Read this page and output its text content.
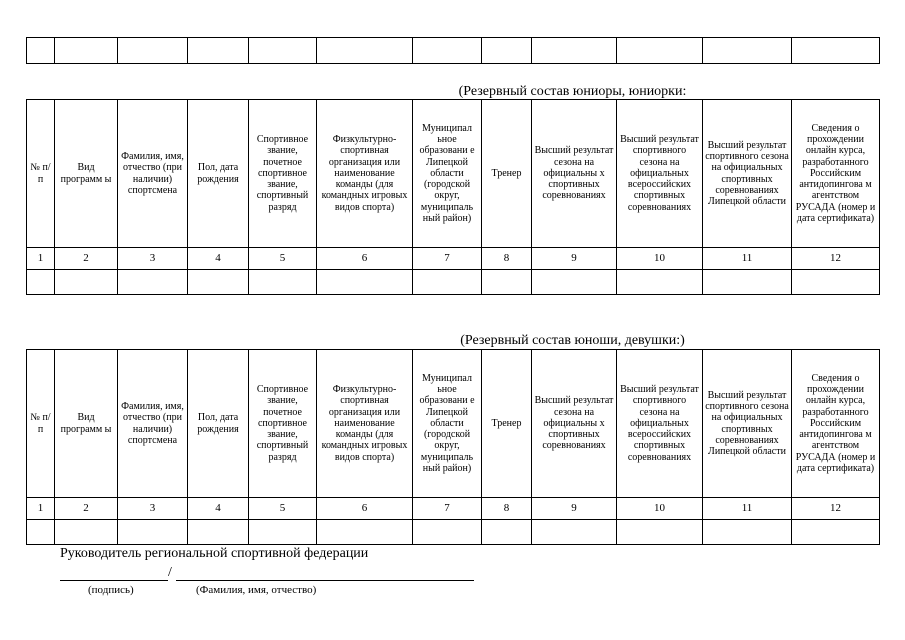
(Резервный состав юниоры, юниорки:
№ п/п	Вид программ ы	Фамилия, имя, отчество (при наличии) спортсмена	Пол, дата рождения	Спортивное звание, почетное спортивное звание, спортивный разряд	Физкультурно-спортивная организация или наименование команды (для командных игровых видов спорта)	Муниципал ьное образовани е Липецкой области (городской округ, муниципаль ный район)	Тренер	Высший результат сезона на официальны х спортивных соревнованиях	Высший результат спортивного сезона на официальных всероссийских спортивных соревнованиях	Высший результат спортивного сезона на официальных спортивных соревнованиях Липецкой области	Сведения о прохождении онлайн курса, разработанного Российским антидопингова м агентством РУСАДА (номер и дата сертификата)
1	2	3	4	5	6	7	8	9	10	11	12

(Резервный состав юноши, девушки:)
№ п/п	Вид программ ы	Фамилия, имя, отчество (при наличии) спортсмена	Пол, дата рождения	Спортивное звание, почетное спортивное звание, спортивный разряд	Физкультурно-спортивная организация или наименование команды (для командных игровых видов спорта)	Муниципал ьное образовани е Липецкой области (городской округ, муниципаль ный район)	Тренер	Высший результат сезона на официальны х спортивных соревнованиях	Высший результат спортивного сезона на официальных всероссийских спортивных соревнованиях	Высший результат спортивного сезона на официальных спортивных соревнованиях Липецкой области	Сведения о прохождении онлайн курса, разработанного Российским антидопингова м агентством РУСАДА (номер и дата сертификата)
1	2	3	4	5	6	7	8	9	10	11	12

Руководитель региональной спортивной федерации
/
(подпись)	(Фамилия, имя, отчество)
